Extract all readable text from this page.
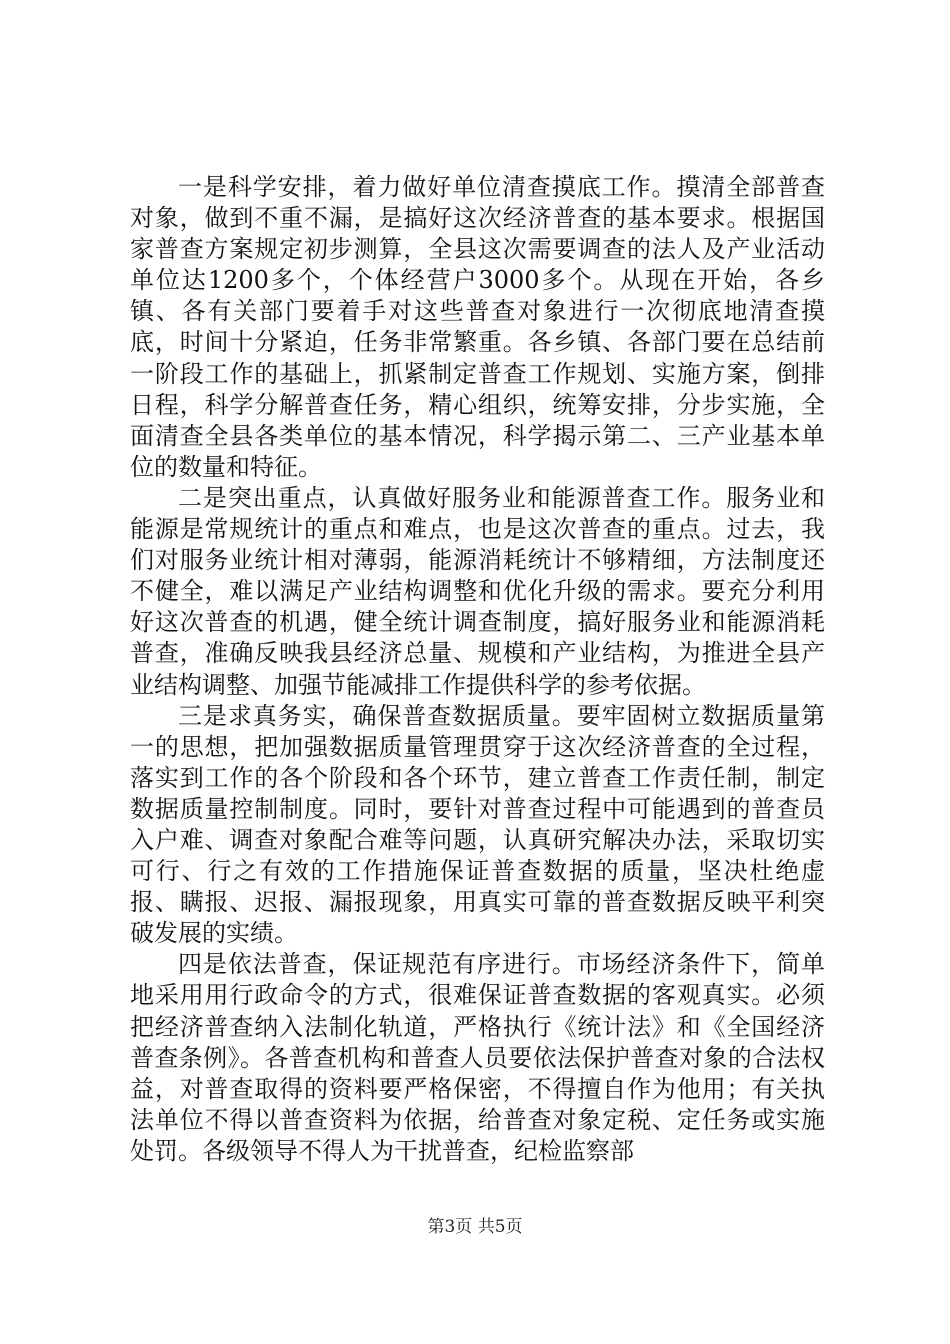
一是科学安排，着力做好单位清查摸底工作。摸清全部普查对象，做到不重不漏，是搞好这次经济普查的基本要求。根据国家普查方案规定初步测算，全县这次需要调查的法人及产业活动单位达1200多个，个体经营户3000多个。从现在开始，各乡镇、各有关部门要着手对这些普查对象进行一次彻底地清查摸底，时间十分紧迫，任务非常繁重。各乡镇、各部门要在总结前一阶段工作的基础上，抓紧制定普查工作规划、实施方案，倒排日程，科学分解普查任务，精心组织，统筹安排，分步实施，全面清查全县各类单位的基本情况，科学揭示第二、三产业基本单位的数量和特征。

二是突出重点，认真做好服务业和能源普查工作。服务业和能源是常规统计的重点和难点，也是这次普查的重点。过去，我们对服务业统计相对薄弱，能源消耗统计不够精细，方法制度还不健全，难以满足产业结构调整和优化升级的需求。要充分利用好这次普查的机遇，健全统计调查制度，搞好服务业和能源消耗普查，准确反映我县经济总量、规模和产业结构，为推进全县产业结构调整、加强节能减排工作提供科学的参考依据。

三是求真务实，确保普查数据质量。要牢固树立数据质量第一的思想，把加强数据质量管理贯穿于这次经济普查的全过程，落实到工作的各个阶段和各个环节，建立普查工作责任制，制定数据质量控制制度。同时，要针对普查过程中可能遇到的普查员入户难、调查对象配合难等问题，认真研究解决办法，采取切实可行、行之有效的工作措施保证普查数据的质量，坚决杜绝虚报、瞒报、迟报、漏报现象，用真实可靠的普查数据反映平利突破发展的实绩。

四是依法普查，保证规范有序进行。市场经济条件下，简单地采用用行政命令的方式，很难保证普查数据的客观真实。必须把经济普查纳入法制化轨道，严格执行《统计法》和《全国经济普查条例》。各普查机构和普查人员要依法保护普查对象的合法权益，对普查取得的资料要严格保密，不得擅自作为他用；有关执法单位不得以普查资料为依据，给普查对象定税、定任务或实施处罚。各级领导不得人为干扰普查，纪检监察部

第3页 共5页
